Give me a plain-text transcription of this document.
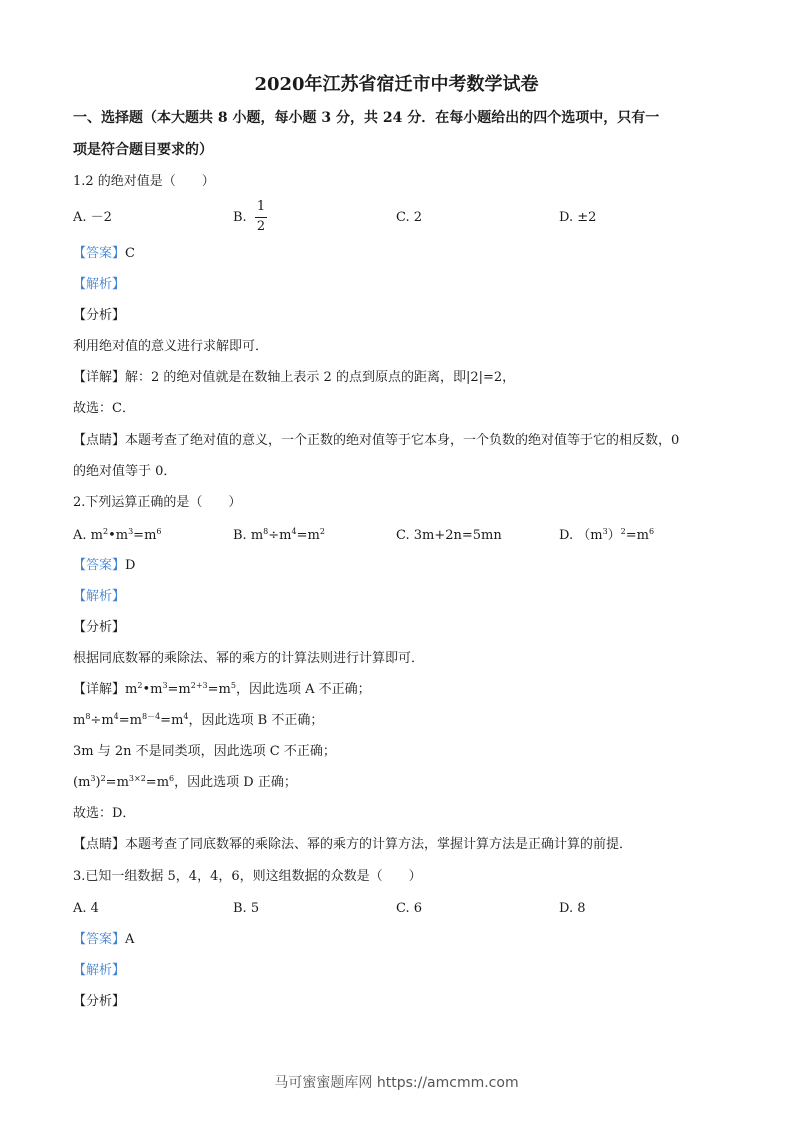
2020年江苏省宿迁市中考数学试卷
一、选择题（本大题共 8 小题，每小题 3 分，共 24 分．在每小题给出的四个选项中，只有一
项是符合题目要求的）
1.2 的绝对值是（　　）
A. －2	B.
1
2
C. 2	D. ±2
【答案】C
【解析】
【分析】
利用绝对值的意义进行求解即可．
【详解】解：2 的绝对值就是在数轴上表示 2 的点到原点的距离，即|2|=2，
故选：C．
【点睛】本题考查了绝对值的意义，一个正数的绝对值等于它本身，一个负数的绝对值等于它的相反数，0
的绝对值等于 0．
2.下列运算正确的是（　　）
A. $m^2•m^3=m^6$	B. $m^8\div m^4=m^2$	C. 3m+2n=5mn	D. $(m^3)^2=m^6$
【答案】D
【解析】
【分析】
根据同底数幂的乘除法、幂的乘方的计算法则进行计算即可．
【详解】$m^2•m^3=m^{2+3}=m^5$，因此选项 A 不正确；
$m^8\div m^4=m^{8-4}=m^4$，因此选项 B 不正确；
3m 与 2n 不是同类项，因此选项 C 不正确；
$(m^3)^2=m^{3\times 2}=m^6$，因此选项 D 正确；
故选：D．
【点睛】本题考查了同底数幂的乘除法、幂的乘方的计算方法，掌握计算方法是正确计算的前提．
3.已知一组数据 5，4，4，6，则这组数据的众数是（　　）
A. 4	B. 5	C. 6	D. 8
【答案】A
【解析】
【分析】
马可蜜蜜题库网 https://amcmm.com
